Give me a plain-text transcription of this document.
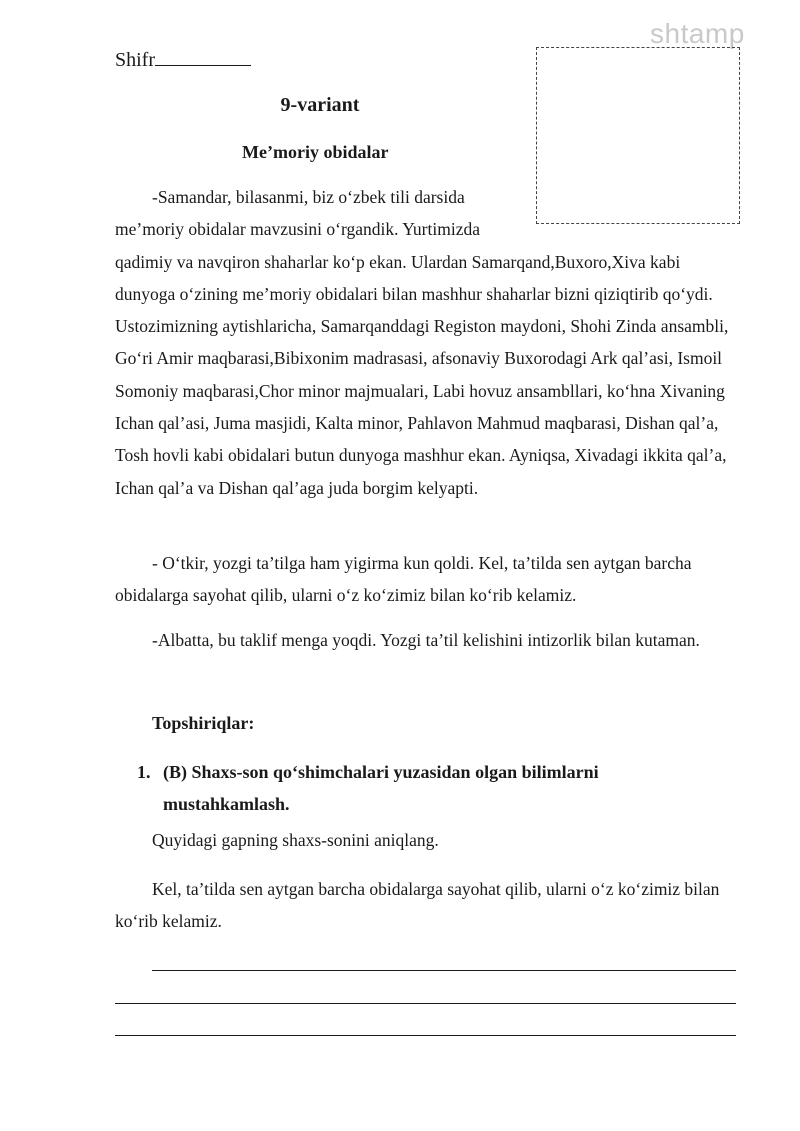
shtamp
Shifr
9-variant
Me’moriy obidalar

-Samandar, bilasanmi, biz o‘zbek tili darsida
me’moriy obidalar mavzusini o‘rgandik. Yurtimizda
qadimiy va navqiron shaharlar ko‘p ekan. Ulardan Samarqand,Buxoro,Xiva kabi dunyoga o‘zining me’moriy obidalari bilan mashhur shaharlar bizni qiziqtirib qo‘ydi. Ustozimizning aytishlaricha, Samarqanddagi Registon maydoni, Shohi Zinda ansambli, Go‘ri Amir maqbarasi,Bibixonim madrasasi, afsonaviy Buxorodagi Ark qal’asi, Ismoil Somoniy maqbarasi,Chor minor majmualari, Labi hovuz ansambllari, ko‘hna Xivaning Ichan qal’asi, Juma masjidi, Kalta minor, Pahlavon Mahmud maqbarasi, Dishan qal’a, Tosh hovli kabi obidalari butun dunyoga mashhur ekan. Ayniqsa, Xivadagi ikkita qal’a, Ichan qal’a va Dishan qal’aga juda borgim kelyapti.

- O‘tkir, yozgi ta’tilga ham yigirma kun qoldi. Kel, ta’tilda sen aytgan barcha obidalarga sayohat qilib, ularni o‘z ko‘zimiz bilan ko‘rib kelamiz.

-Albatta, bu taklif menga yoqdi. Yozgi ta’til kelishini intizorlik bilan kutaman.

Topshiriqlar:
1. (B) Shaxs-son qo‘shimchalari yuzasidan olgan bilimlarni
mustahkamlash.
Quyidagi gapning shaxs-sonini aniqlang.

Kel, ta’tilda sen aytgan barcha obidalarga sayohat qilib, ularni o‘z ko‘zimiz bilan ko‘rib kelamiz.
